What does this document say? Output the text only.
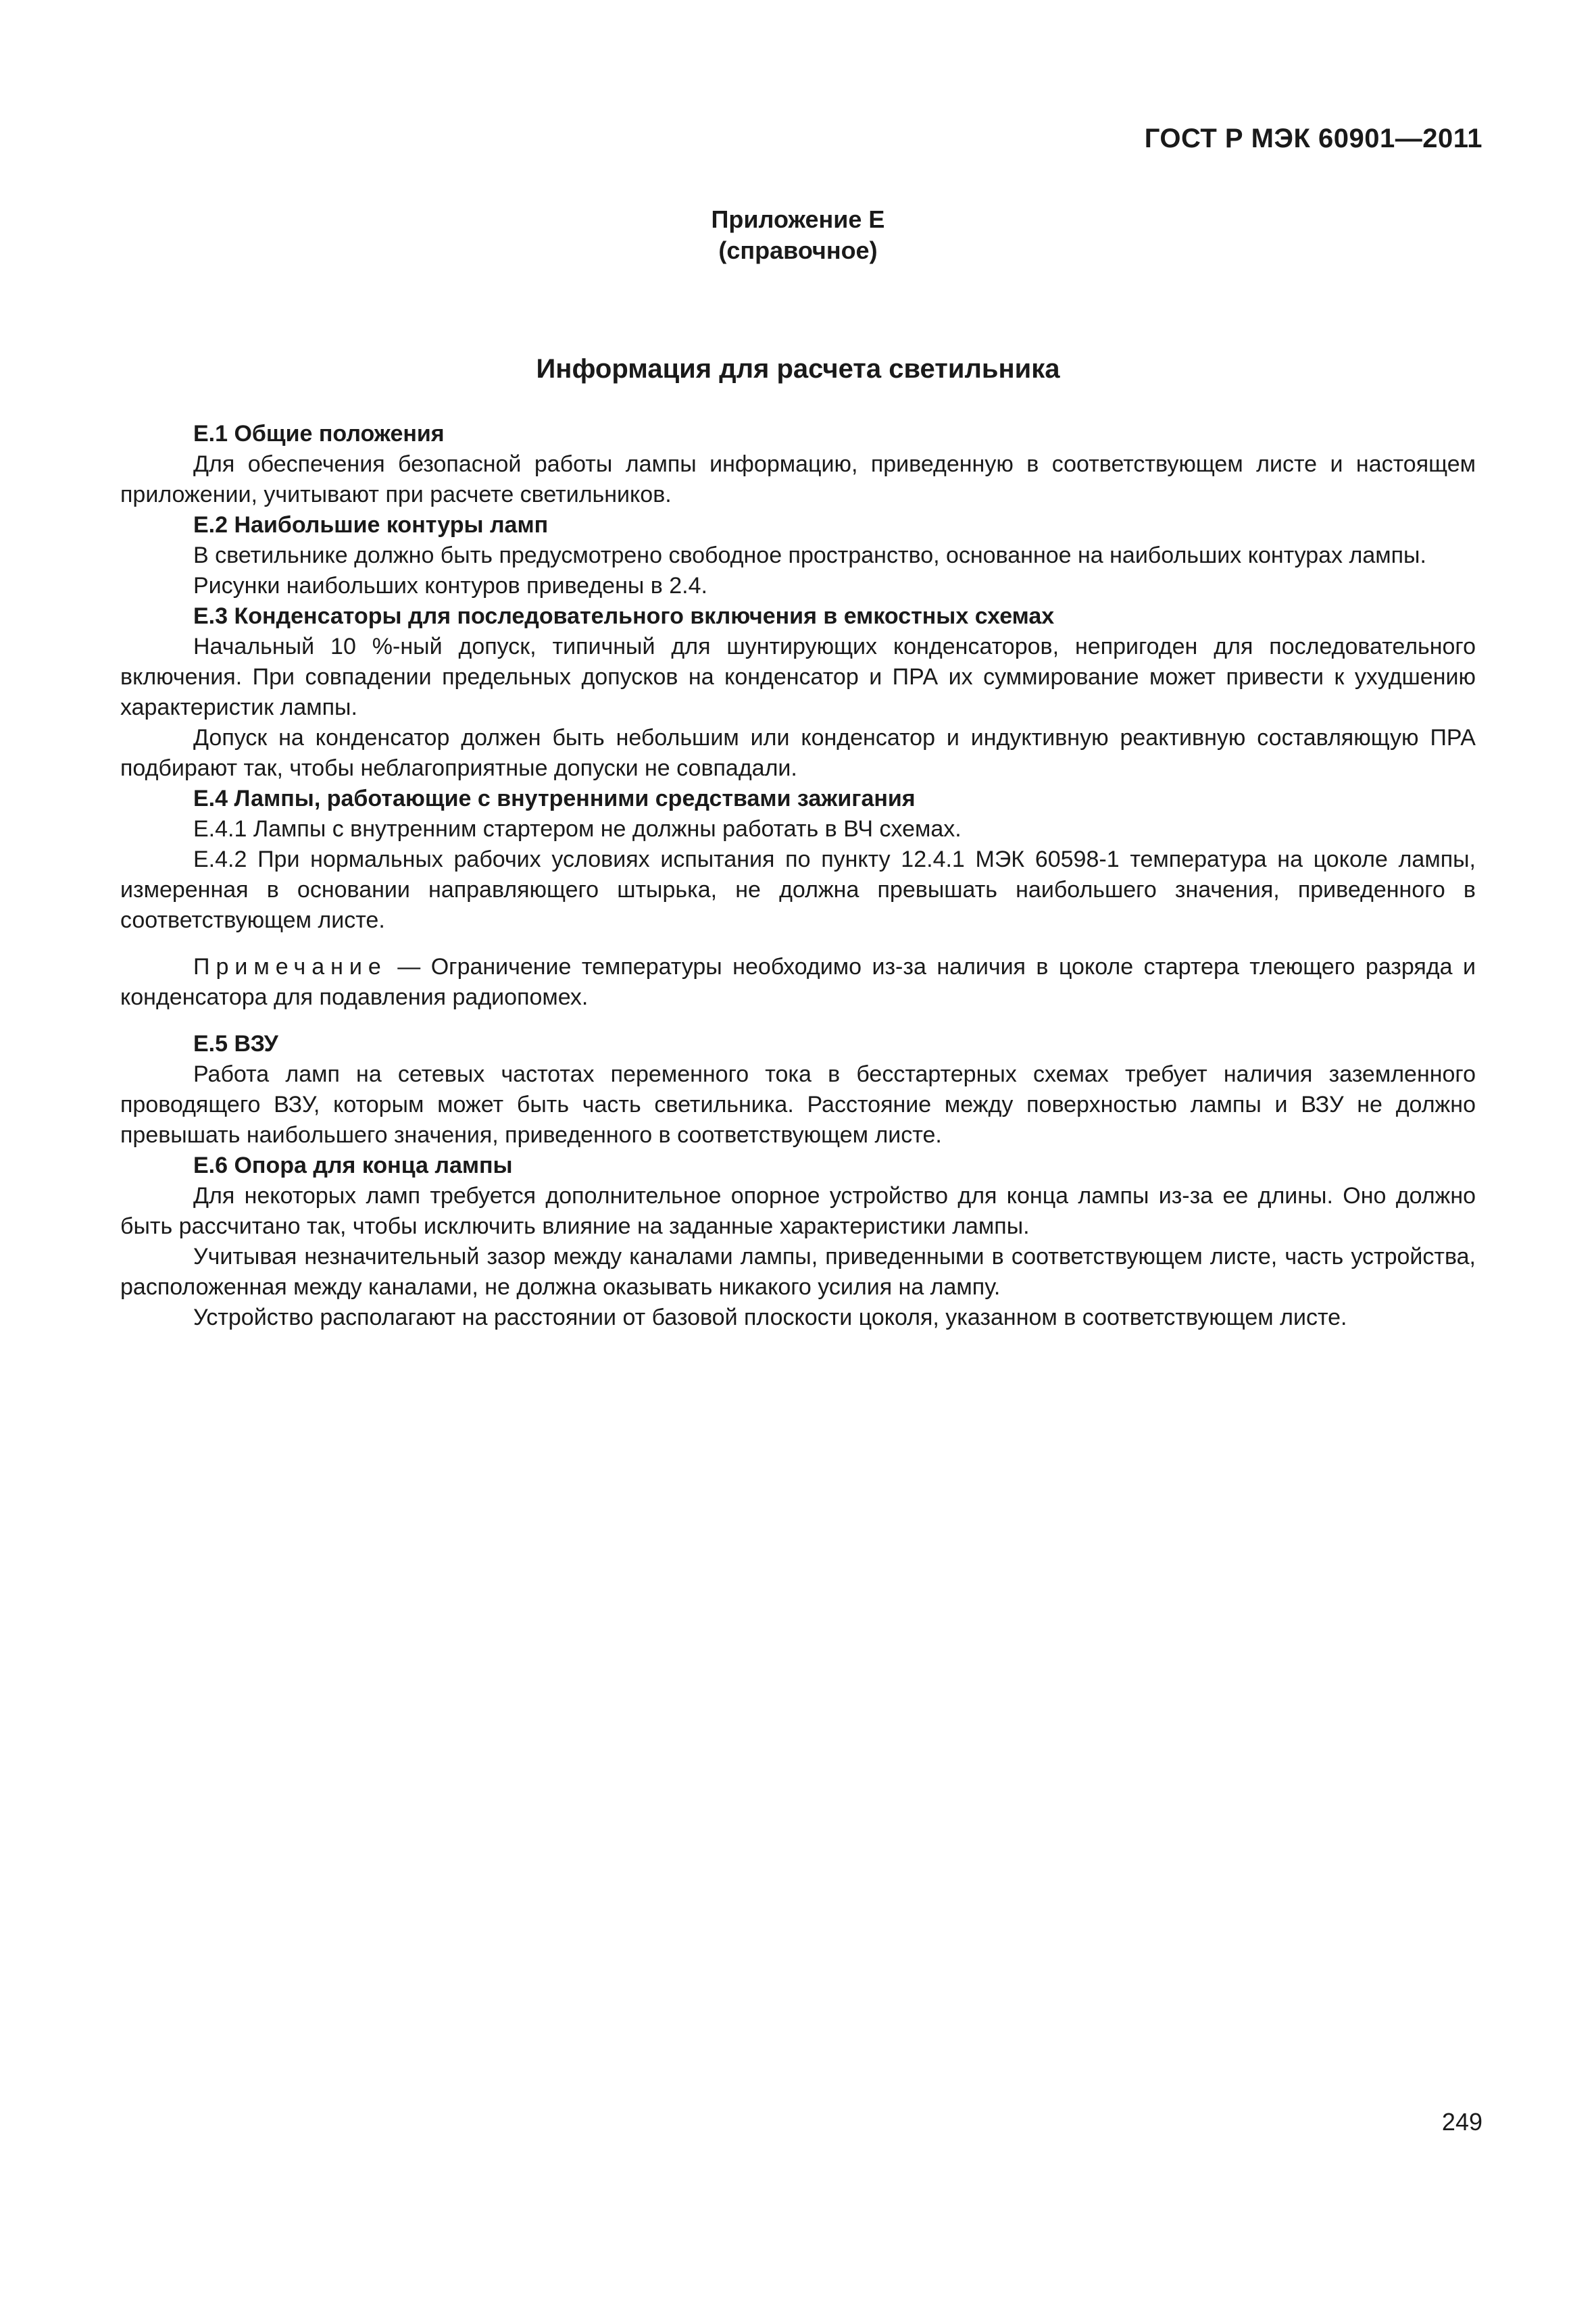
ГОСТ Р МЭК 60901—2011
Приложение Е
(справочное)
Информация для расчета светильника
Е.1 Общие положения

Для обеспечения безопасной работы лампы информацию, приведенную в соответствующем листе и настоящем приложении, учитывают при расчете светильников.

Е.2 Наибольшие контуры ламп

В светильнике должно быть предусмотрено свободное пространство, основанное на наибольших контурах лампы.

Рисунки наибольших контуров приведены в 2.4.

Е.3 Конденсаторы для последовательного включения в емкостных схемах

Начальный 10 %-ный допуск, типичный для шунтирующих конденсаторов, непригоден для последовательного включения. При совпадении предельных допусков на конденсатор и ПРА их суммирование может привести к ухудшению характеристик лампы.

Допуск на конденсатор должен быть небольшим или конденсатор и индуктивную реактивную составляющую ПРА подбирают так, чтобы неблагоприятные допуски не совпадали.

Е.4 Лампы, работающие с внутренними средствами зажигания

Е.4.1 Лампы с внутренним стартером не должны работать в ВЧ схемах.

Е.4.2 При нормальных рабочих условиях испытания по пункту 12.4.1 МЭК 60598-1 температура на цоколе лампы, измеренная в основании направляющего штырька, не должна превышать наибольшего значения, приведенного в соответствующем листе.

Примечание — Ограничение температуры необходимо из-за наличия в цоколе стартера тлеющего разряда и конденсатора для подавления радиопомех.

Е.5 ВЗУ

Работа ламп на сетевых частотах переменного тока в бесстартерных схемах требует наличия заземленного проводящего ВЗУ, которым может быть часть светильника. Расстояние между поверхностью лампы и ВЗУ не должно превышать наибольшего значения, приведенного в соответствующем листе.

Е.6 Опора для конца лампы

Для некоторых ламп требуется дополнительное опорное устройство для конца лампы из-за ее длины. Оно должно быть рассчитано так, чтобы исключить влияние на заданные характеристики лампы.

Учитывая незначительный зазор между каналами лампы, приведенными в соответствующем листе, часть устройства, расположенная между каналами, не должна оказывать никакого усилия на лампу.

Устройство располагают на расстоянии от базовой плоскости цоколя, указанном в соответствующем листе.

249
